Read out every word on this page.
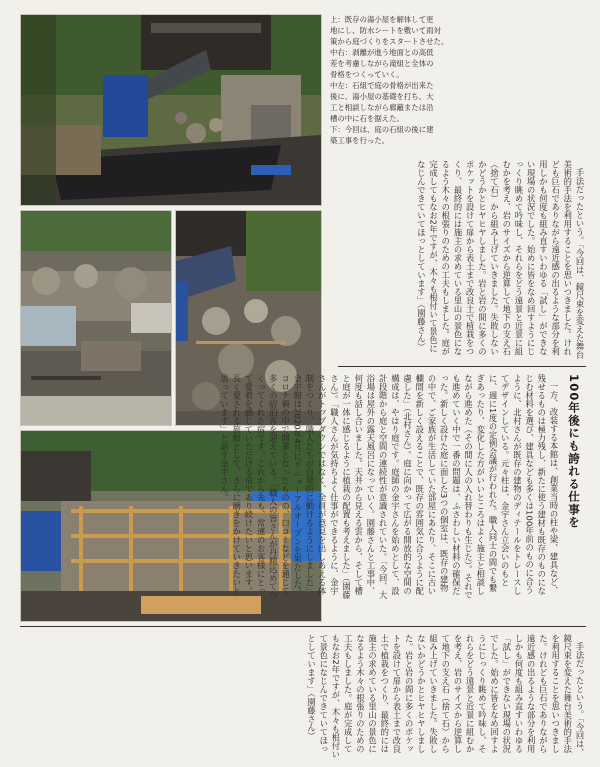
上：既存の湯小屋を解体して更

地にし、防水シートを敷いて雨対

策から庭づくりをスタートさせた。

中右：剥離が進う地面との高低

差を考慮しながら滝組と全体の

骨格をつくっていく。

中左：石組で庭の骨格が出来た

後に、湯小屋の基礎を打ち、大

工と相談しながら廊籬または沿

槽の中に石を据えた。

下：今回は、庭の石組の後に建

築工事を行った。

手法だったという。「今回は、鏡尺束を変えた舞台美術的手法を利用することを思いつきました。けれども巨石でありながら遠近感の出るような部分を利用しかも何度も組み直すいわゆる「試し」ができない現場の状況でした。始めに皆をなめ回すようにじっくり眺めて吟味し、それらをどう遠景と近景に組むかを考え、岩のサイズから逆算して地下の支え石（捨て石）から組み上げていきました。失敗しないかどうかとヒヤヒヤしました。岩と岩の間に多くのポケットを設けて扉から表土まで改良土で植栽をつくり、最終的には施主の求めている里山の景色になるよう木々の根張りのための工夫もしました。庭が完成してもなお2年ですが、木々も根付いて景色になじんできていてほっとしています」（園藤さん）

100年後にも誇れる仕事を

一方、改装する本館は、創業当時の柱や梁、建具など、残せるものは極力残し、新たに使う建材も既存のものになじむ材料を選び、建具なども多くは100年前のものに合うように、北村さんが既存の建物のディテールをトレースしてデザインしている。元々柱は、金宇さん立会いのもとに、週に1度の定例会議が行われた。職人同士の間でも繋ぎあったり、変化した方がいいところはよく施主と相談しながら進めた（その間に人の入れ替わりも生じた）。それでも進めていく中で一番の問題は、ふさわしい材料の確保だった。新しく設けた庭に面した3つの個室は、既存の建物の中で、ご家族が生活していた部屋にあたり、そこに古い欄間を新しく設えることで、既存の雰囲気に合うように配慮した」（北村さん）。庭に向かって広がる開放的な空間の構成は、やはり庭です。庭師の金宇さんを始めとして、設計段階から庭と空間の連続性が意識されていた。「今回、大浴場は屋外の露天風呂になっていく。園藤さんと工事中、何度も話し合いました。天井から見える雲から、そして槽と庭が一体に感じるように植栽の配置も考えました」（園藤さん）。「職人さんが気持ちよく仕事ができるように、金宇さんがトップダウンではなく、全員が意見を出しあえる体制をつくり、職人たちが自発的に動けるようにしました」。金宇館は2020年4月にリニューアルオープンを果たした。コロナ禍の中で開業となったものの、口コミなどを通じて多くの宿泊客を迎えている。「職人の皆さんが丹精込めてつくってくれた宿です。これから先も、常連のお客様にとって愛着を感じていただける宿であり続けたいと思います。長く愛される旅館として、さらに磨きをかけていきたいと思っています」と話す金宇さん。

手法だったという。「今回は、鏡尺束を変えた舞台美術的手法を利用することを思いつきました。けれども巨石でありながら遠近感の出るような部分を利用しかも何度も組み直すいわゆる「試し」ができない現場の状況でした。始めに皆をなめ回すようにじっくり眺めて吟味し、それらをどう遠景と近景に組むかを考え、岩のサイズから逆算して地下の支え石（捨て石）から組み上げていきました。失敗しないかどうかとヒヤヒヤしました。岩と岩の間に多くのポケットを設けて扉から表土まで改良土で植栽をつくり、最終的には施主の求めている里山の景色になるよう木々の根張りのための工夫もしました。庭が完成してもなお2年ですが、木々も根付いて景色になじんできていてほっとしています」（園藤さん）
